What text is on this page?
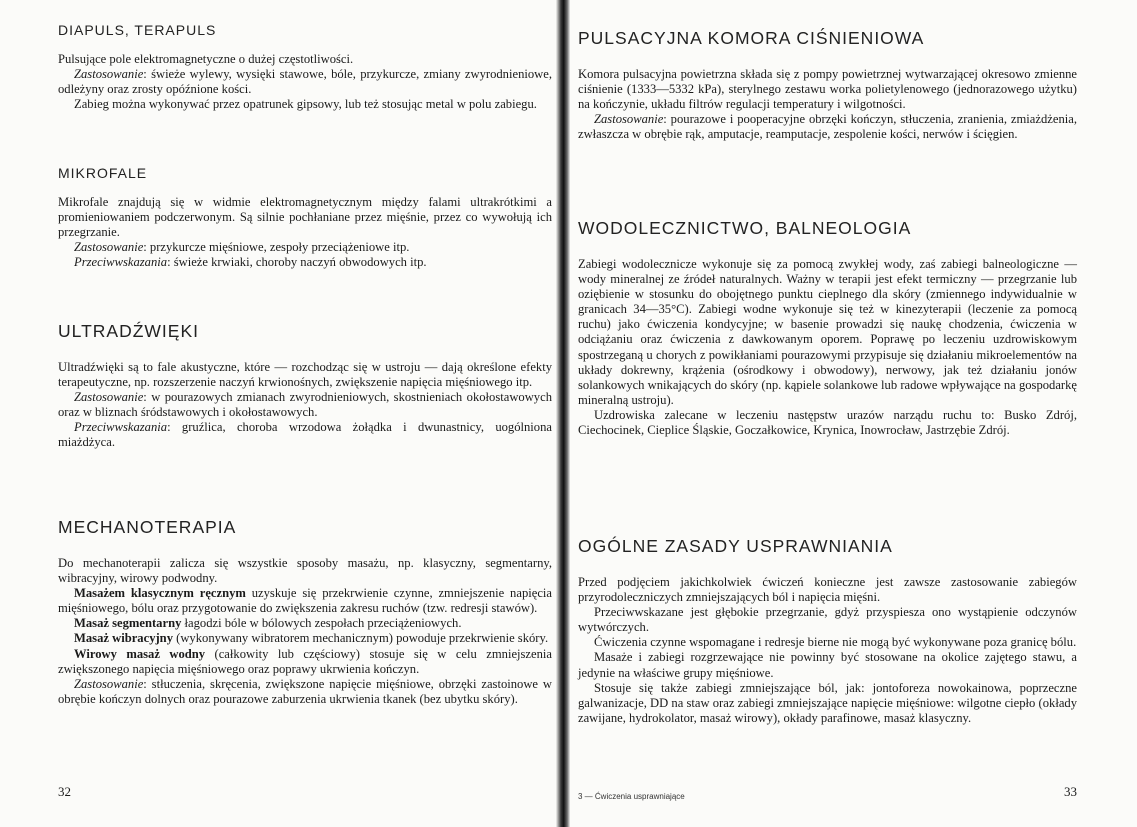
DIAPULS, TERAPULS

Pulsujące pole elektromagnetyczne o dużej częstotliwości.

Zastosowanie: świeże wylewy, wysięki stawowe, bóle, przykurcze, zmiany zwyrodnieniowe, odleżyny oraz zrosty opóźnione kości.

Zabieg można wykonywać przez opatrunek gipsowy, lub też stosując metal w polu zabiegu.

MIKROFALE

Mikrofale znajdują się w widmie elektromagnetycznym między falami ultrakrótkimi a promieniowaniem podczerwonym. Są silnie pochłaniane przez mięśnie, przez co wywołują ich przegrzanie.

Zastosowanie: przykurcze mięśniowe, zespoły przeciążeniowe itp.

Przeciwwskazania: świeże krwiaki, choroby naczyń obwodowych itp.

ULTRADŹWIĘKI

Ultradźwięki są to fale akustyczne, które — rozchodząc się w ustroju — dają określone efekty terapeutyczne, np. rozszerzenie naczyń krwionośnych, zwiększenie napięcia mięśniowego itp.

Zastosowanie: w pourazowych zmianach zwyrodnieniowych, skostnieniach okołostawowych oraz w bliznach śródstawowych i okołostawowych.

Przeciwwskazania: gruźlica, choroba wrzodowa żołądka i dwunastnicy, uogólniona miażdżyca.

MECHANOTERAPIA

Do mechanoterapii zalicza się wszystkie sposoby masażu, np. klasyczny, segmentarny, wibracyjny, wirowy podwodny.

Masażem klasycznym ręcznym uzyskuje się przekrwienie czynne, zmniejszenie napięcia mięśniowego, bólu oraz przygotowanie do zwiększenia zakresu ruchów (tzw. redresji stawów).

Masaż segmentarny łagodzi bóle w bólowych zespołach przeciążeniowych.

Masaż wibracyjny (wykonywany wibratorem mechanicznym) powoduje przekrwienie skóry.

Wirowy masaż wodny (całkowity lub częściowy) stosuje się w celu zmniejszenia zwiększonego napięcia mięśniowego oraz poprawy ukrwienia kończyn.

Zastosowanie: stłuczenia, skręcenia, zwiększone napięcie mięśniowe, obrzęki zastoinowe w obrębie kończyn dolnych oraz pourazowe zaburzenia ukrwienia tkanek (bez ubytku skóry).

32
PULSACYJNA KOMORA CIŚNIENIOWA

Komora pulsacyjna powietrzna składa się z pompy powietrznej wytwarzającej okresowo zmienne ciśnienie (1333—5332 kPa), sterylnego zestawu worka polietylenowego (jednorazowego użytku) na kończynie, układu filtrów regulacji temperatury i wilgotności.

Zastosowanie: pourazowe i pooperacyjne obrzęki kończyn, stłuczenia, zranienia, zmiażdżenia, zwłaszcza w obrębie rąk, amputacje, reamputacje, zespolenie kości, nerwów i ścięgien.

WODOLECZNICTWO, BALNEOLOGIA

Zabiegi wodolecznicze wykonuje się za pomocą zwykłej wody, zaś zabiegi balneologiczne — wody mineralnej ze źródeł naturalnych. Ważny w terapii jest efekt termiczny — przegrzanie lub oziębienie w stosunku do obojętnego punktu cieplnego dla skóry (zmiennego indywidualnie w granicach 34—35°C). Zabiegi wodne wykonuje się też w kinezyterapii (leczenie za pomocą ruchu) jako ćwiczenia kondycyjne; w basenie prowadzi się naukę chodzenia, ćwiczenia w odciążaniu oraz ćwiczenia z dawkowanym oporem. Poprawę po leczeniu uzdrowiskowym spostrzeganą u chorych z powikłaniami pourazowymi przypisuje się działaniu mikroelementów na układy dokrewny, krążenia (ośrodkowy i obwodowy), nerwowy, jak też działaniu jonów solankowych wnikających do skóry (np. kąpiele solankowe lub radowe wpływające na gospodarkę mineralną ustroju).

Uzdrowiska zalecane w leczeniu następstw urazów narządu ruchu to: Busko Zdrój, Ciechocinek, Cieplice Śląskie, Goczałkowice, Krynica, Inowrocław, Jastrzębie Zdrój.

OGÓLNE ZASADY USPRAWNIANIA

Przed podjęciem jakichkolwiek ćwiczeń konieczne jest zawsze zastosowanie zabiegów przyrodoleczniczych zmniejszających ból i napięcia mięśni.

Przeciwwskazane jest głębokie przegrzanie, gdyż przyspiesza ono wystąpienie odczynów wytwórczych.

Ćwiczenia czynne wspomagane i redresje bierne nie mogą być wykonywane poza granicę bólu.

Masaże i zabiegi rozgrzewające nie powinny być stosowane na okolice zajętego stawu, a jedynie na właściwe grupy mięśniowe.

Stosuje się także zabiegi zmniejszające ból, jak: jontoforeza nowokainowa, poprzeczne galwanizacje, DD na staw oraz zabiegi zmniejszające napięcie mięśniowe: wilgotne ciepło (okłady zawijane, hydrokolator, masaż wirowy), okłady parafinowe, masaż klasyczny.

3 — Ćwiczenia usprawniające	33
